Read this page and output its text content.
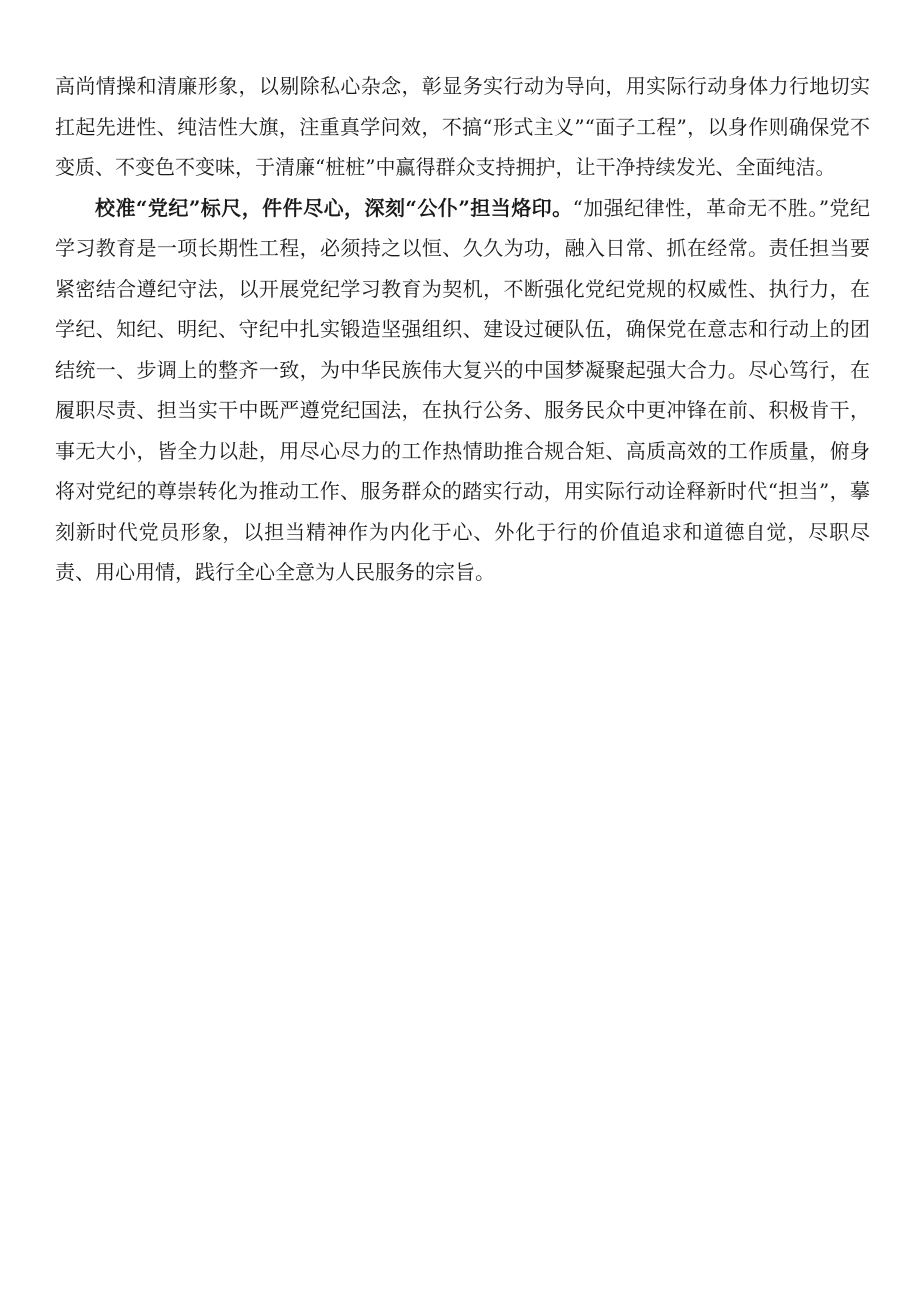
高尚情操和清廉形象，以剔除私心杂念，彰显务实行动为导向，用实际行动身体力行地切实扛起先进性、纯洁性大旗，注重真学问效，不搞“形式主义”“面子工程”，以身作则确保党不变质、不变色不变味，于清廉“桩桩”中赢得群众支持拥护，让干净持续发光、全面纯洁。

校准“党纪”标尺，件件尽心，深刻“公仆”担当烙印。“加强纪律性，革命无不胜。”党纪学习教育是一项长期性工程，必须持之以恒、久久为功，融入日常、抓在经常。责任担当要紧密结合遵纪守法，以开展党纪学习教育为契机，不断强化党纪党规的权威性、执行力，在学纪、知纪、明纪、守纪中扎实锻造坚强组织、建设过硬队伍，确保党在意志和行动上的团结统一、步调上的整齐一致，为中华民族伟大复兴的中国梦凝聚起强大合力。尽心笃行，在履职尽责、担当实干中既严遵党纪国法，在执行公务、服务民众中更冲锋在前、积极肯干，事无大小，皆全力以赴，用尽心尽力的工作热情助推合规合矩、高质高效的工作质量，俯身将对党纪的尊崇转化为推动工作、服务群众的踏实行动，用实际行动诠释新时代“担当”，摹刻新时代党员形象，以担当精神作为内化于心、外化于行的价值追求和道德自觉，尽职尽责、用心用情，践行全心全意为人民服务的宗旨。
